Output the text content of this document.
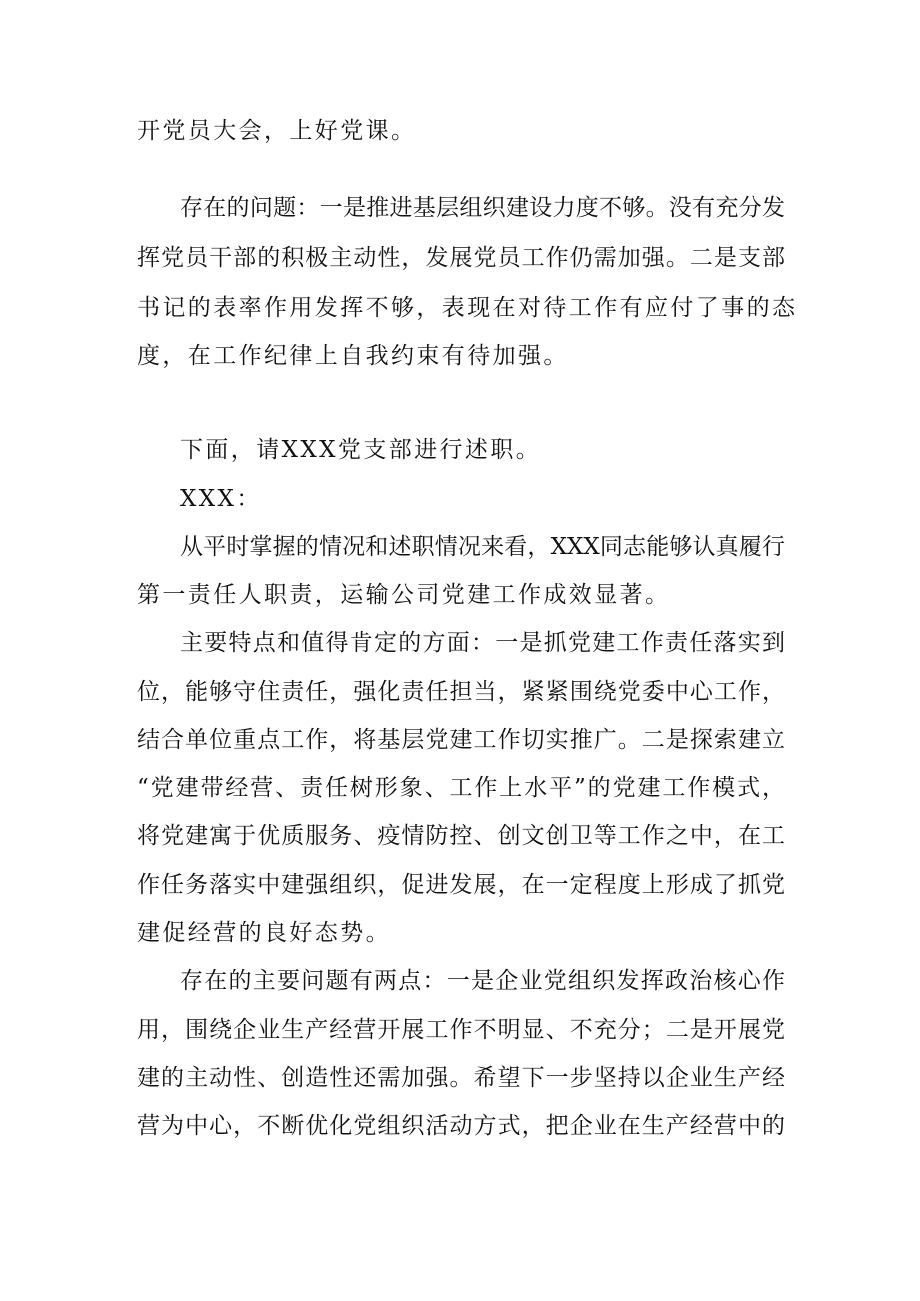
开党员大会，上好党课。
存在的问题：一是推进基层组织建设力度不够。没有充分发
挥党员干部的积极主动性，发展党员工作仍需加强。二是支部
书记的表率作用发挥不够，表现在对待工作有应付了事的态
度，在工作纪律上自我约束有待加强。
下面，请XXX党支部进行述职。
XXX：
从平时掌握的情况和述职情况来看，XXX同志能够认真履行
第一责任人职责，运输公司党建工作成效显著。
主要特点和值得肯定的方面：一是抓党建工作责任落实到
位，能够守住责任，强化责任担当，紧紧围绕党委中心工作，
结合单位重点工作，将基层党建工作切实推广。二是探索建立
“党建带经营、责任树形象、工作上水平”的党建工作模式，
将党建寓于优质服务、疫情防控、创文创卫等工作之中，在工
作任务落实中建强组织，促进发展，在一定程度上形成了抓党
建促经营的良好态势。
存在的主要问题有两点：一是企业党组织发挥政治核心作
用，围绕企业生产经营开展工作不明显、不充分；二是开展党
建的主动性、创造性还需加强。希望下一步坚持以企业生产经
营为中心，不断优化党组织活动方式，把企业在生产经营中的
